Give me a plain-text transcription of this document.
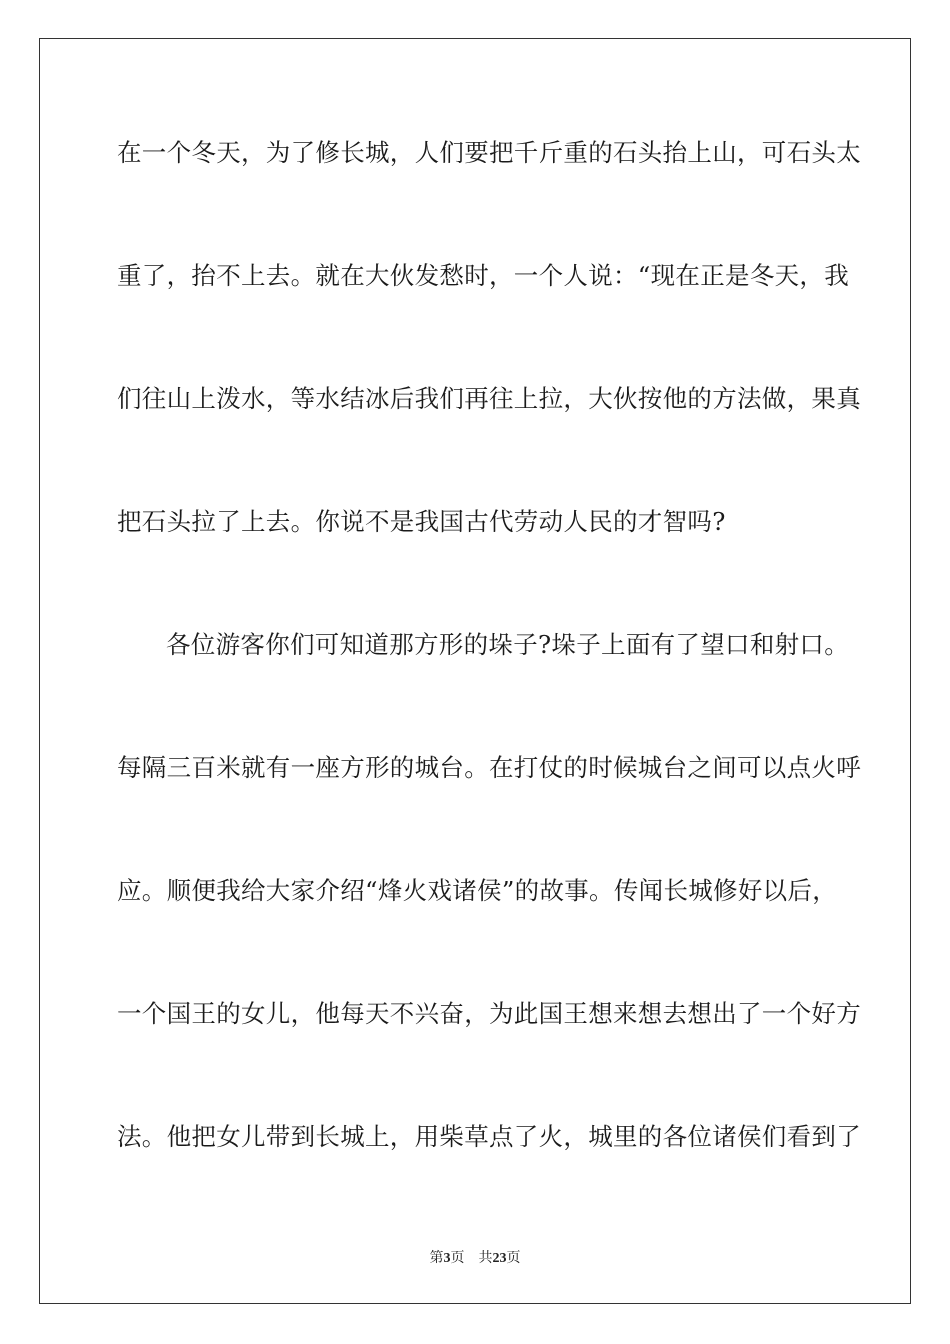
在一个冬天，为了修长城，人们要把千斤重的石头抬上山，可石头太
重了，抬不上去。就在大伙发愁时，一个人说：“现在正是冬天，我
们往山上泼水，等水结冰后我们再往上拉，大伙按他的方法做，果真
把石头拉了上去。你说不是我国古代劳动人民的才智吗?
各位游客你们可知道那方形的垛子?垛子上面有了望口和射口。
每隔三百米就有一座方形的城台。在打仗的时候城台之间可以点火呼
应。顺便我给大家介绍“烽火戏诸侯”的故事。传闻长城修好以后，
一个国王的女儿，他每天不兴奋，为此国王想来想去想出了一个好方
法。他把女儿带到长城上，用柴草点了火，城里的各位诸侯们看到了
第3页 共23页
